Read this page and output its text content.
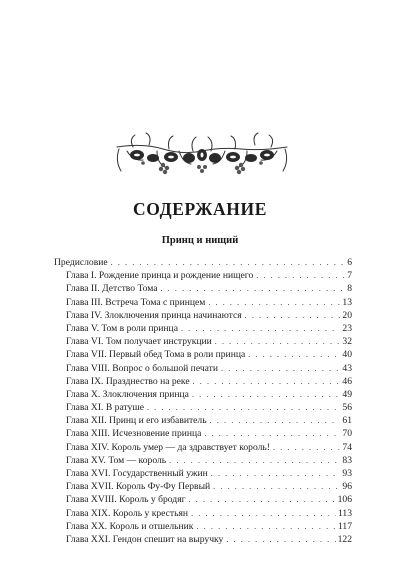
СОДЕРЖАНИЕ
Принц и нищий
Предисловие . . .	6
Глава I. Рождение принца и рождение нищего . . .	7
Глава II. Детство Тома . . .	8
Глава III. Встреча Тома с принцем . . .	13
Глава IV. Злоключения принца начинаются . . .	20
Глава V. Том в роли принца . . .	23
Глава VI. Том получает инструкции . . .	32
Глава VII. Первый обед Тома в роли принца . . .	40
Глава VIII. Вопрос о большой печати . . .	43
Глава IX. Празднество на реке . . .	46
Глава X. Злоключения принца . . .	49
Глава XI. В ратуше . . .	56
Глава XII. Принц и его избавитель . . .	61
Глава XIII. Исчезновение принца . . .	70
Глава XIV. Король умер — да здравствует король! . . .	74
Глава XV. Том — король . . .	83
Глава XVI. Государственный ужин . . .	93
Глава XVII. Король Фу-Фу Первый . . .	96
Глава XVIII. Король у бродяг . . .	106
Глава XIX. Король у крестьян . . .	113
Глава XX. Король и отшельник . . .	117
Глава XXI. Гендон спешит на выручку . . .	122
